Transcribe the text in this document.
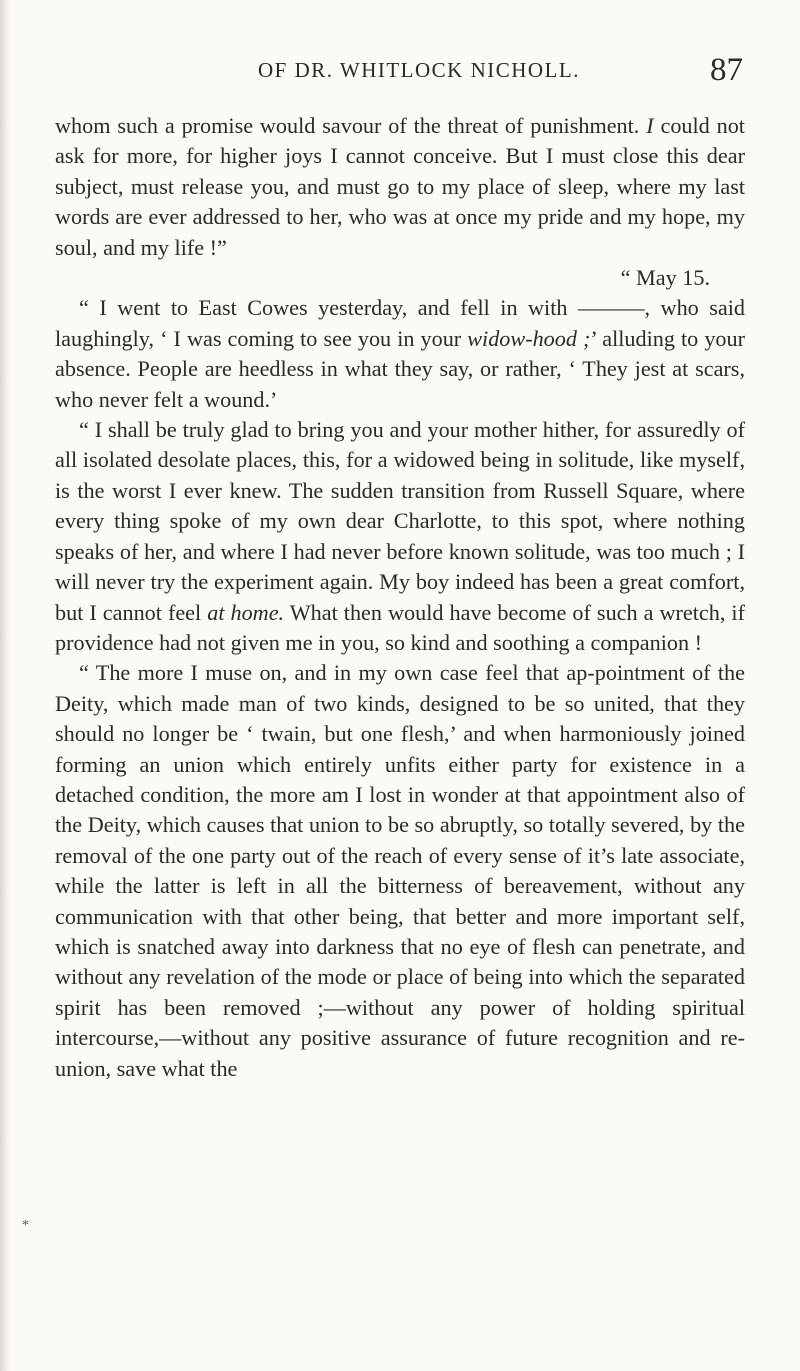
OF DR. WHITLOCK NICHOLL.	87

whom such a promise would savour of the threat of punishment. I could not ask for more, for higher joys I cannot conceive. But I must close this dear subject, must release you, and must go to my place of sleep, where my last words are ever addressed to her, who was at once my pride and my hope, my soul, and my life !”

“ May 15.

“ I went to East Cowes yesterday, and fell in with ———, who said laughingly, ‘ I was coming to see you in your widow-hood ;’ alluding to your absence. People are heedless in what they say, or rather, ‘ They jest at scars, who never felt a wound.’

“ I shall be truly glad to bring you and your mother hither, for assuredly of all isolated desolate places, this, for a widowed being in solitude, like myself, is the worst I ever knew. The sudden transition from Russell Square, where every thing spoke of my own dear Charlotte, to this spot, where nothing speaks of her, and where I had never before known solitude, was too much ; I will never try the experiment again. My boy indeed has been a great comfort, but I cannot feel at home. What then would have become of such a wretch, if providence had not given me in you, so kind and soothing a companion !

“ The more I muse on, and in my own case feel that ap-pointment of the Deity, which made man of two kinds, designed to be so united, that they should no longer be ‘ twain, but one flesh,’ and when harmoniously joined forming an union which entirely unfits either party for existence in a detached condition, the more am I lost in wonder at that appointment also of the Deity, which causes that union to be so abruptly, so totally severed, by the removal of the one party out of the reach of every sense of it’s late associate, while the latter is left in all the bitterness of bereavement, without any communication with that other being, that better and more important self, which is snatched away into darkness that no eye of flesh can penetrate, and without any revelation of the mode or place of being into which the separated spirit has been removed ;—without any power of holding spiritual intercourse,—without any positive assurance of future recognition and re-union, save what the

*
